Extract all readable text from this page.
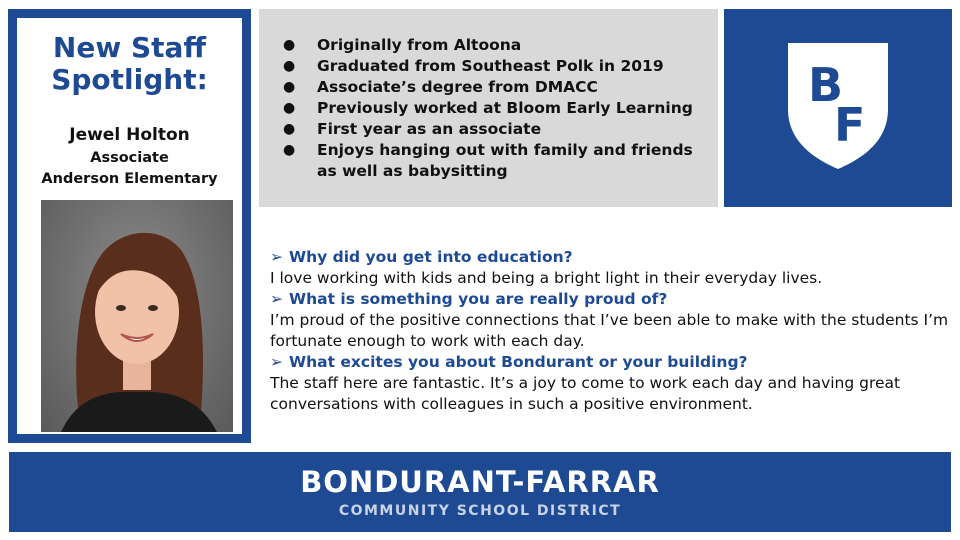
New Staff
Spotlight:
Jewel Holton
Associate
Anderson Elementary
● Originally from Altoona
● Graduated from Southeast Polk in 2019
● Associate’s degree from DMACC
● Previously worked at Bloom Early Learning
● First year as an associate
● Enjoys hanging out with family and friends as well as babysitting
B
F
➢ Why did you get into education?
I love working with kids and being a bright light in their everyday lives.
➢ What is something you are really proud of?
I’m proud of the positive connections that I’ve been able to make with the students I’m fortunate enough to work with each day.
➢ What excites you about Bondurant or your building?
The staff here are fantastic. It’s a joy to come to work each day and having great conversations with colleagues in such a positive environment.
BONDURANT-FARRAR
COMMUNITY SCHOOL DISTRICT
